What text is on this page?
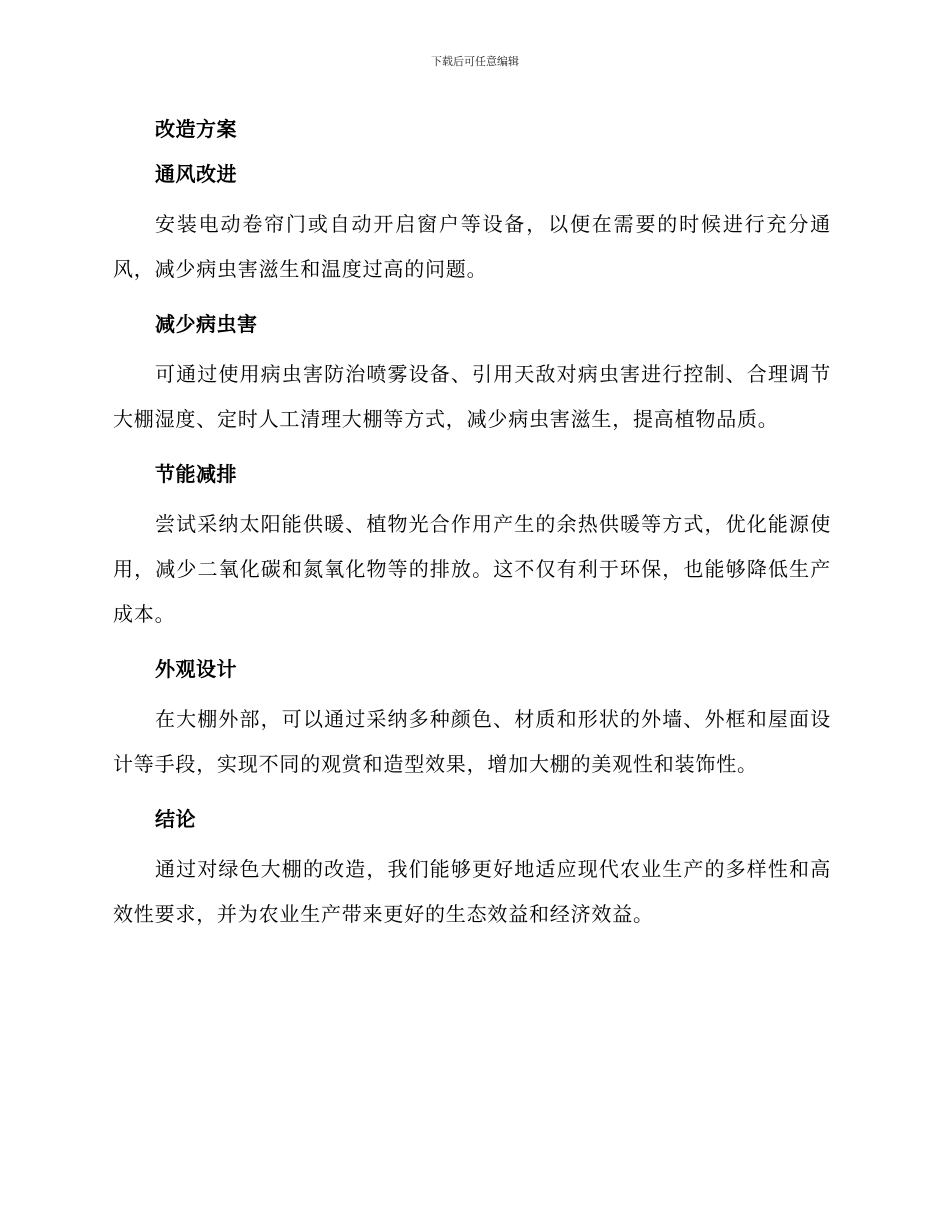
下载后可任意编辑
改造方案
通风改进

安装电动卷帘门或自动开启窗户等设备，以便在需要的时候进行充分通风，减少病虫害滋生和温度过高的问题。

减少病虫害

可通过使用病虫害防治喷雾设备、引用天敌对病虫害进行控制、合理调节大棚湿度、定时人工清理大棚等方式，减少病虫害滋生，提高植物品质。

节能减排

尝试采纳太阳能供暖、植物光合作用产生的余热供暖等方式，优化能源使用，减少二氧化碳和氮氧化物等的排放。这不仅有利于环保，也能够降低生产成本。

外观设计

在大棚外部，可以通过采纳多种颜色、材质和形状的外墙、外框和屋面设计等手段，实现不同的观赏和造型效果，增加大棚的美观性和装饰性。

结论

通过对绿色大棚的改造，我们能够更好地适应现代农业生产的多样性和高效性要求，并为农业生产带来更好的生态效益和经济效益。
